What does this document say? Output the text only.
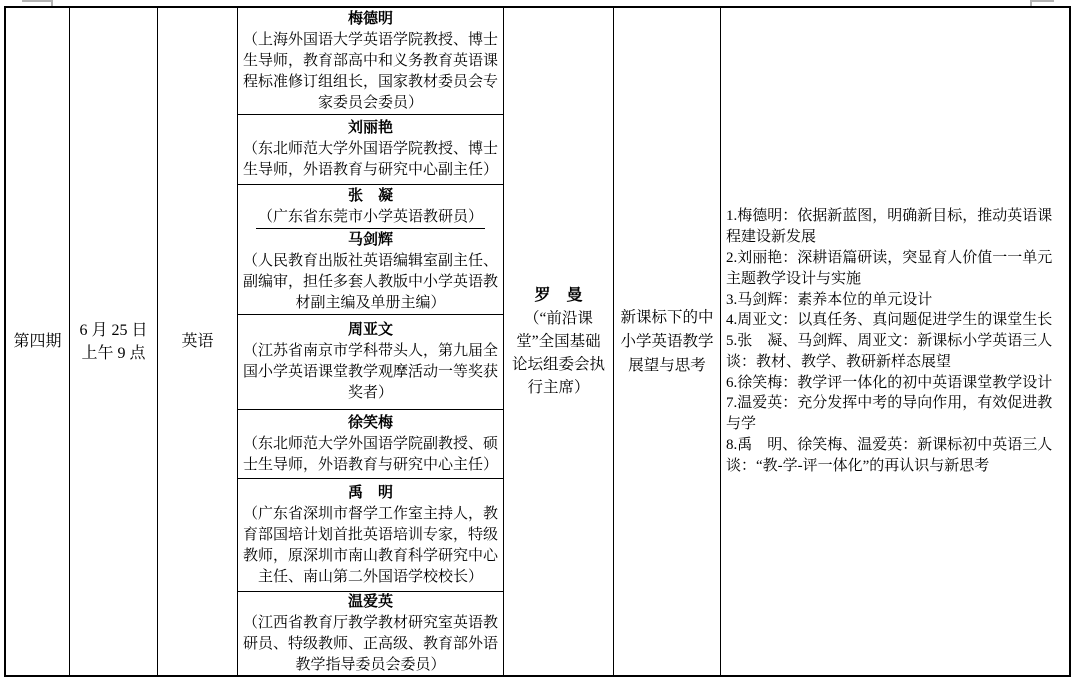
第四期
6 月 25 日
上午 9 点
英语
梅德明
（上海外国语大学英语学院教授、博士生导师，教育部高中和义务教育英语课程标准修订组组长，国家教材委员会专家委员会委员）
刘丽艳
（东北师范大学外国语学院教授、博士生导师，外语教育与研究中心副主任）
张　凝
（广东省东莞市小学英语教研员）
马剑辉
（人民教育出版社英语编辑室副主任、副编审，担任多套人教版中小学英语教材副主编及单册主编）
周亚文
（江苏省南京市学科带头人，第九届全国小学英语课堂教学观摩活动一等奖获奖者）
徐笑梅
（东北师范大学外国语学院副教授、硕士生导师，外语教育与研究中心主任）
禹　明
（广东省深圳市督学工作室主持人，教育部国培计划首批英语培训专家，特级教师，原深圳市南山教育科学研究中心主任、南山第二外国语学校校长）
温爱英
（江西省教育厅教学教材研究室英语教研员、特级教师、正高级、教育部外语教学指导委员会委员）
罗　曼
（“前沿课堂”全国基础论坛组委会执行主席）
新课标下的中小学英语教学展望与思考
1.梅德明：依据新蓝图，明确新目标，推动英语课程建设新发展
2.刘丽艳：深耕语篇研读，突显育人价值一一单元主题教学设计与实施
3.马剑辉：素养本位的单元设计
4.周亚文：以真任务、真问题促进学生的课堂生长
5.张　凝、马剑辉、周亚文：新课标小学英语三人谈：教材、教学、教研新样态展望
6.徐笑梅：教学评一体化的初中英语课堂教学设计
7.温爱英：充分发挥中考的导向作用，有效促进教与学
8.禹　明、徐笑梅、温爱英：新课标初中英语三人谈：“教-学-评一体化”的再认识与新思考
